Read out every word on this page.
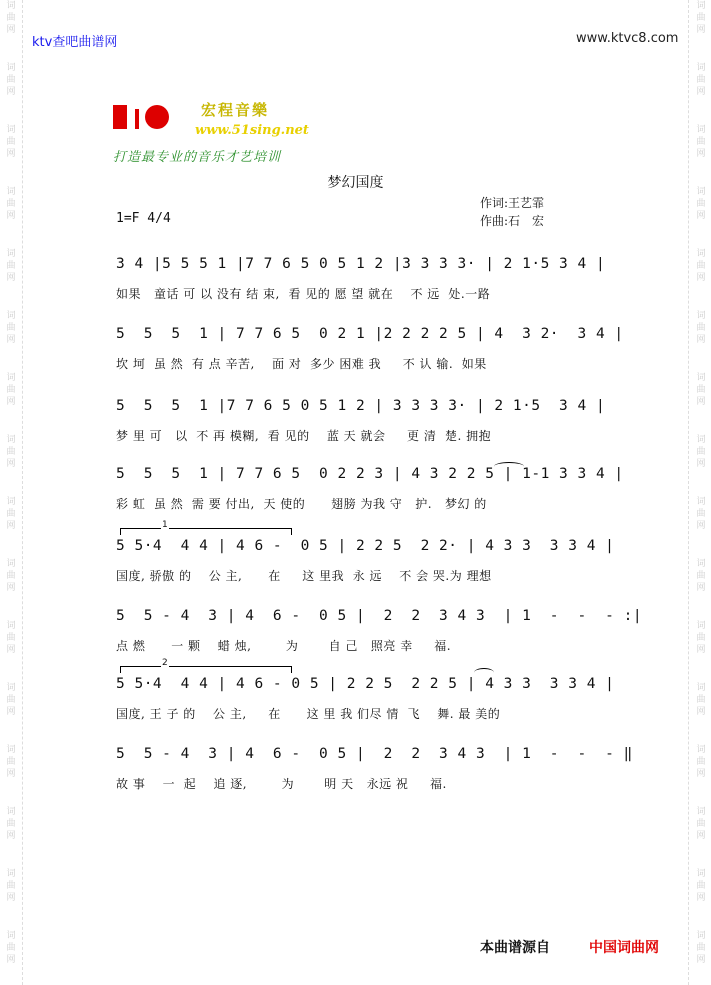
词
曲
网
词
曲
网
词
曲
网
词
曲
网
词
曲
网
词
曲
网
词
曲
网
词
曲
网
词
曲
网
词
曲
网
词
曲
网
词
曲
网
词
曲
网
词
曲
网
词
曲
网
词
曲
网
词
曲
网
词
曲
网
词
曲
网
词
曲
网
词
曲
网
词
曲
网
词
曲
网
词
曲
网
词
曲
网
词
曲
网
词
曲
网
词
曲
网
词
曲
网
词
曲
网
词
曲
网
词
曲
网
ktv查吧曲谱网	www.ktvc8.com
宏程音樂
www.51sing.net
打造最专业的音乐才艺培训
梦幻国度
作词:王艺霏
作曲:石　宏
1=F 4/4
3 4 |5 5 5 1 |7 7 6 5 0 5 1 2 |3 3 3 3· | 2 1·5 3 4 |
如果   童话 可 以 没有 结 束,  看 见的 愿 望 就在    不 远  处.一路
5  5  5  1 | 7 7 6 5  0 2 1 |2 2 2 2 5 | 4  3 2·  3 4 |
坎 坷  虽 然  有 点 辛苦,    面 对  多少 困难 我     不 认 输.  如果
5  5  5  1 |7 7 6 5 0 5 1 2 | 3 3 3 3· | 2 1·5  3 4 |
梦 里 可   以  不 再 模糊,  看 见的    蓝 天 就会     更 清  楚. 拥抱
5  5  5  1 | 7 7 6 5  0 2 2 3 | 4 3 2 2 5 | 1-1 3 3 4 |
彩 虹  虽 然  需 要 付出,  天 使的      翅膀 为我 守   护.   梦幻 的
1
5 5·4  4 4 | 4 6 -  0 5 | 2 2 5  2 2· | 4 3 3  3 3 4 |
国度, 骄傲 的    公 主,      在     这 里我  永 远    不 会 哭.为 理想
5  5 - 4  3 | 4  6 -  0 5 |  2  2  3 4 3  | 1  -  -  - :|
点 燃      一 颗    蜡 烛,        为       自 己   照亮 幸     福.
2
5 5·4  4 4 | 4 6 - 0 5 | 2 2 5  2 2 5 | 4 3 3  3 3 4 |
国度, 王 子 的    公 主,     在      这 里 我 们尽 情  飞    舞. 最 美的
5  5 - 4  3 | 4  6 -  0 5 |  2  2  3 4 3  | 1  -  -  - ‖
故 事    一  起    追 逐,        为       明 天   永远 祝     福.
本曲谱源自	中国词曲网
